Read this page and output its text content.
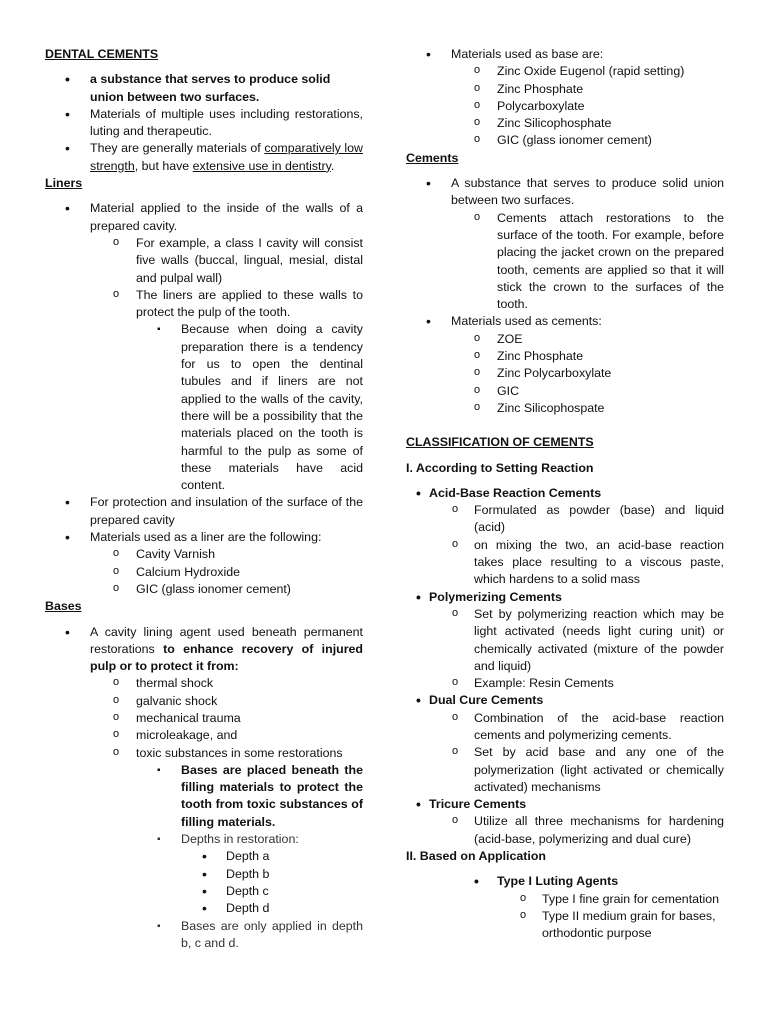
DENTAL CEMENTS

• a substance that serves to produce solid union between two surfaces.
• Materials of multiple uses including restorations, luting and therapeutic.
• They are generally materials of comparatively low strength, but have extensive use in dentistry.

Liners

• Material applied to the inside of the walls of a prepared cavity.
o For example, a class I cavity will consist five walls (buccal, lingual, mesial, distal and pulpal wall)
o The liners are applied to these walls to protect the pulp of the tooth.
▪ Because when doing a cavity preparation there is a tendency for us to open the dentinal tubules and if liners are not applied to the walls of the cavity, there will be a possibility that the materials placed on the tooth is harmful to the pulp as some of these materials have acid content.
• For protection and insulation of the surface of the prepared cavity
• Materials used as a liner are the following:
o Cavity Varnish
o Calcium Hydroxide
o GIC (glass ionomer cement)

Bases

• A cavity lining agent used beneath permanent restorations to enhance recovery of injured pulp or to protect it from:
o thermal shock
o galvanic shock
o mechanical trauma
o microleakage, and
o toxic substances in some restorations
▪ Bases are placed beneath the filling materials to protect the tooth from toxic substances of filling materials.
▪ Depths in restoration:
• Depth a
• Depth b
• Depth c
• Depth d
▪ Bases are only applied in depth b, c and d.
• Materials used as base are:
o Zinc Oxide Eugenol (rapid setting)
o Zinc Phosphate
o Polycarboxylate
o Zinc Silicophosphate
o GIC (glass ionomer cement)

Cements

• A substance that serves to produce solid union between two surfaces.
o Cements attach restorations to the surface of the tooth. For example, before placing the jacket crown on the prepared tooth, cements are applied so that it will stick the crown to the surfaces of the tooth.
• Materials used as cements:
o ZOE
o Zinc Phosphate
o Zinc Polycarboxylate
o GIC
o Zinc Silicophospate

CLASSIFICATION OF CEMENTS

I. According to Setting Reaction

• Acid-Base Reaction Cements
o Formulated as powder (base) and liquid (acid)
o on mixing the two, an acid-base reaction takes place resulting to a viscous paste, which hardens to a solid mass
• Polymerizing Cements
o Set by polymerizing reaction which may be light activated (needs light curing unit) or chemically activated (mixture of the powder and liquid)
o Example: Resin Cements
• Dual Cure Cements
o Combination of the acid-base reaction cements and polymerizing cements.
o Set by acid base and any one of the polymerization (light activated or chemically activated) mechanisms
• Tricure Cements
o Utilize all three mechanisms for hardening (acid-base, polymerizing and dual cure)

II. Based on Application

• Type I Luting Agents
o Type I fine grain for cementation
o Type II medium grain for bases, orthodontic purpose
